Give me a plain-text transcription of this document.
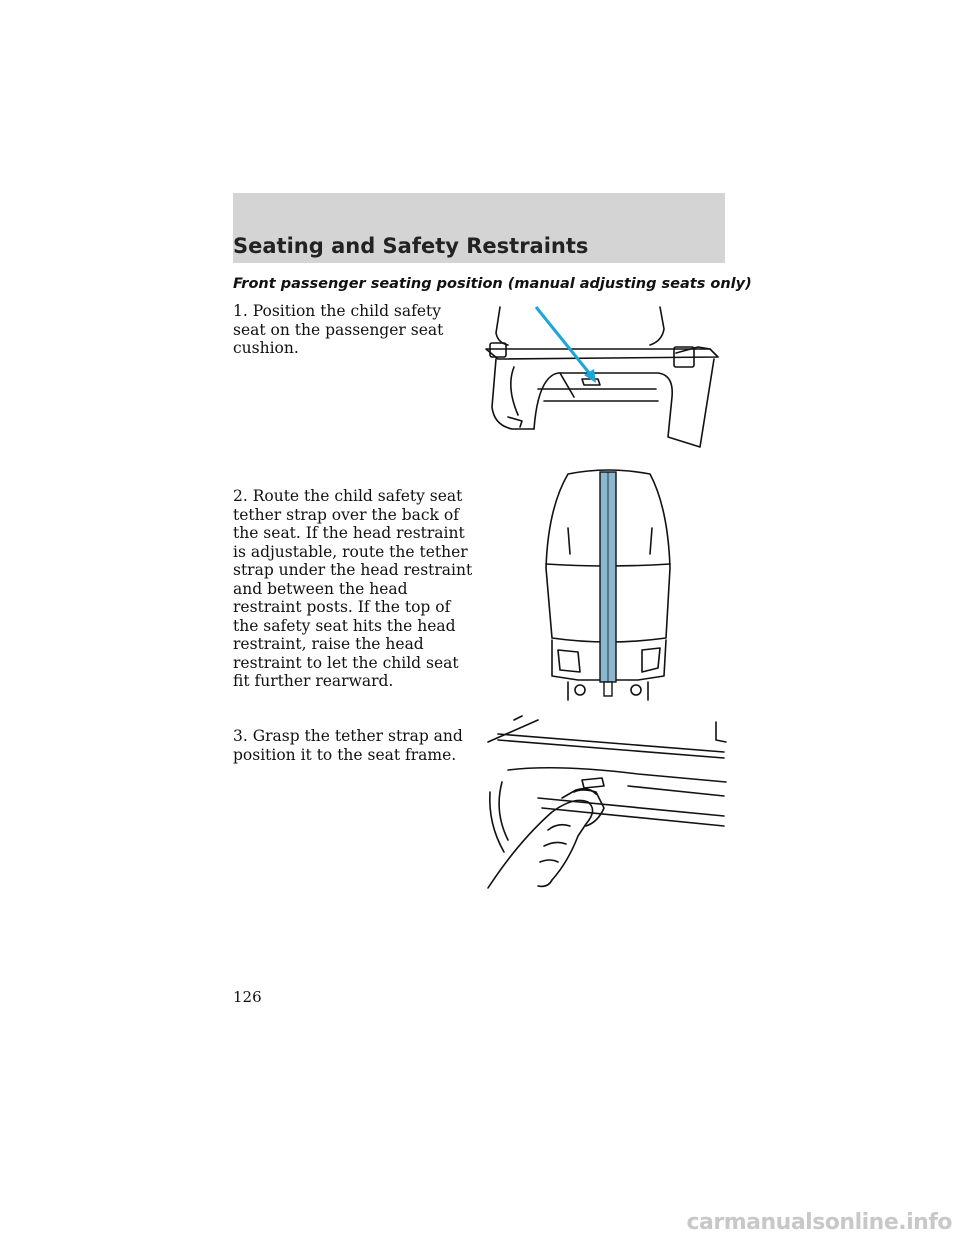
Seating and Safety Restraints
Front passenger seating position (manual adjusting seats only)
1. Position the child safety seat on the passenger seat cushion.
2. Route the child safety seat tether strap over the back of the seat. If the head restraint is adjustable, route the tether strap under the head restraint and between the head restraint posts. If the top of the safety seat hits the head restraint, raise the head restraint to let the child seat fit further rearward.
3. Grasp the tether strap and position it to the seat frame.
126
carmanualsonline.info
